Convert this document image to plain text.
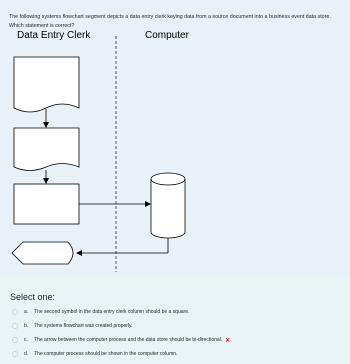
The following systems flowchart segment depicts a data entry clerk keying data from a source document into a business event data store. Which statement is correct?
Data Entry Clerk	Computer
Select one:
a.	The second symbol in the data entry clerk column should be a square.
b.	The systems flowchart was created properly.
c.	The arrow between the computer process and the data store should be bi-directional. ✕
d.	The computer process should be shown in the computer column.
